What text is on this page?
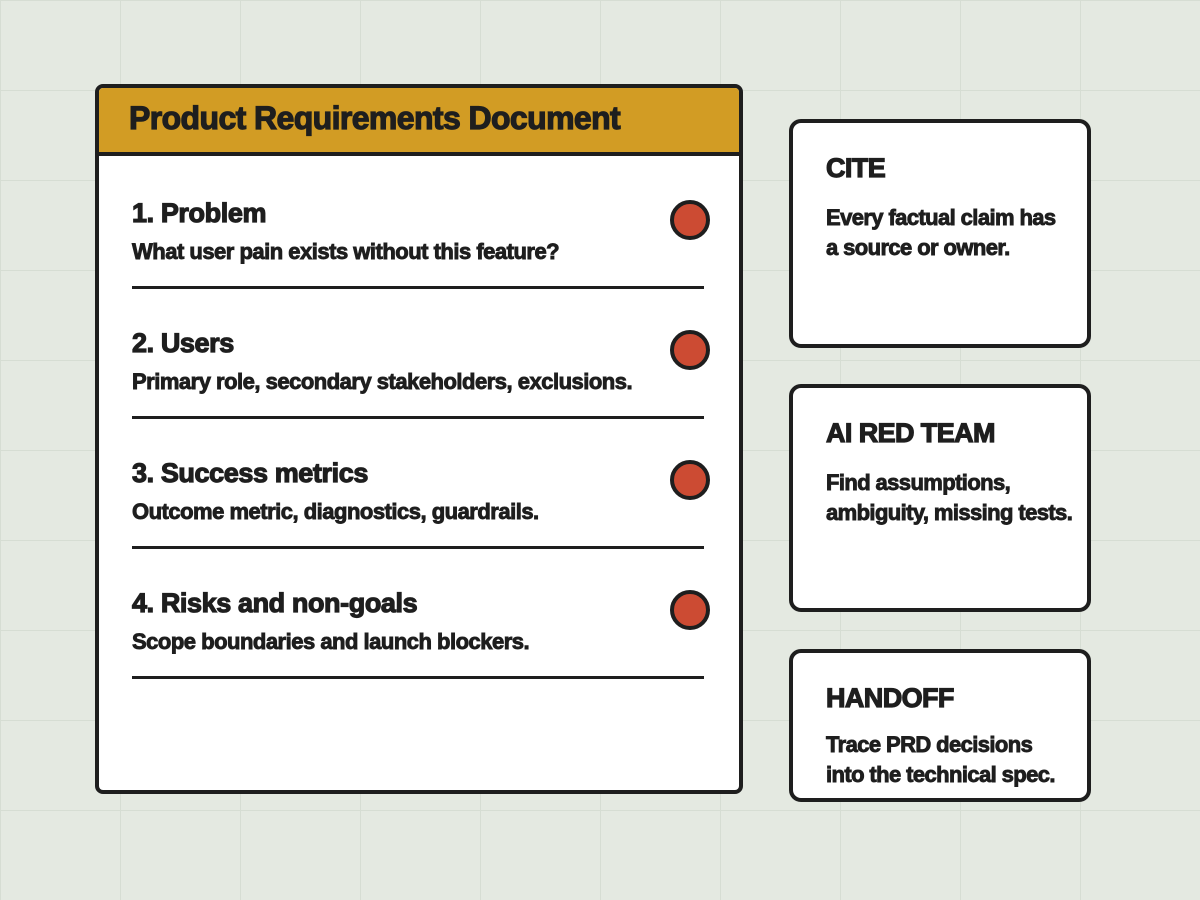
Product Requirements Document
1. Problem
What user pain exists without this feature?
2. Users
Primary role, secondary stakeholders, exclusions.
3. Success metrics
Outcome metric, diagnostics, guardrails.
4. Risks and non-goals
Scope boundaries and launch blockers.
CITE
Every factual claim has
a source or owner.
AI RED TEAM
Find assumptions,
ambiguity, missing tests.
HANDOFF
Trace PRD decisions
into the technical spec.
